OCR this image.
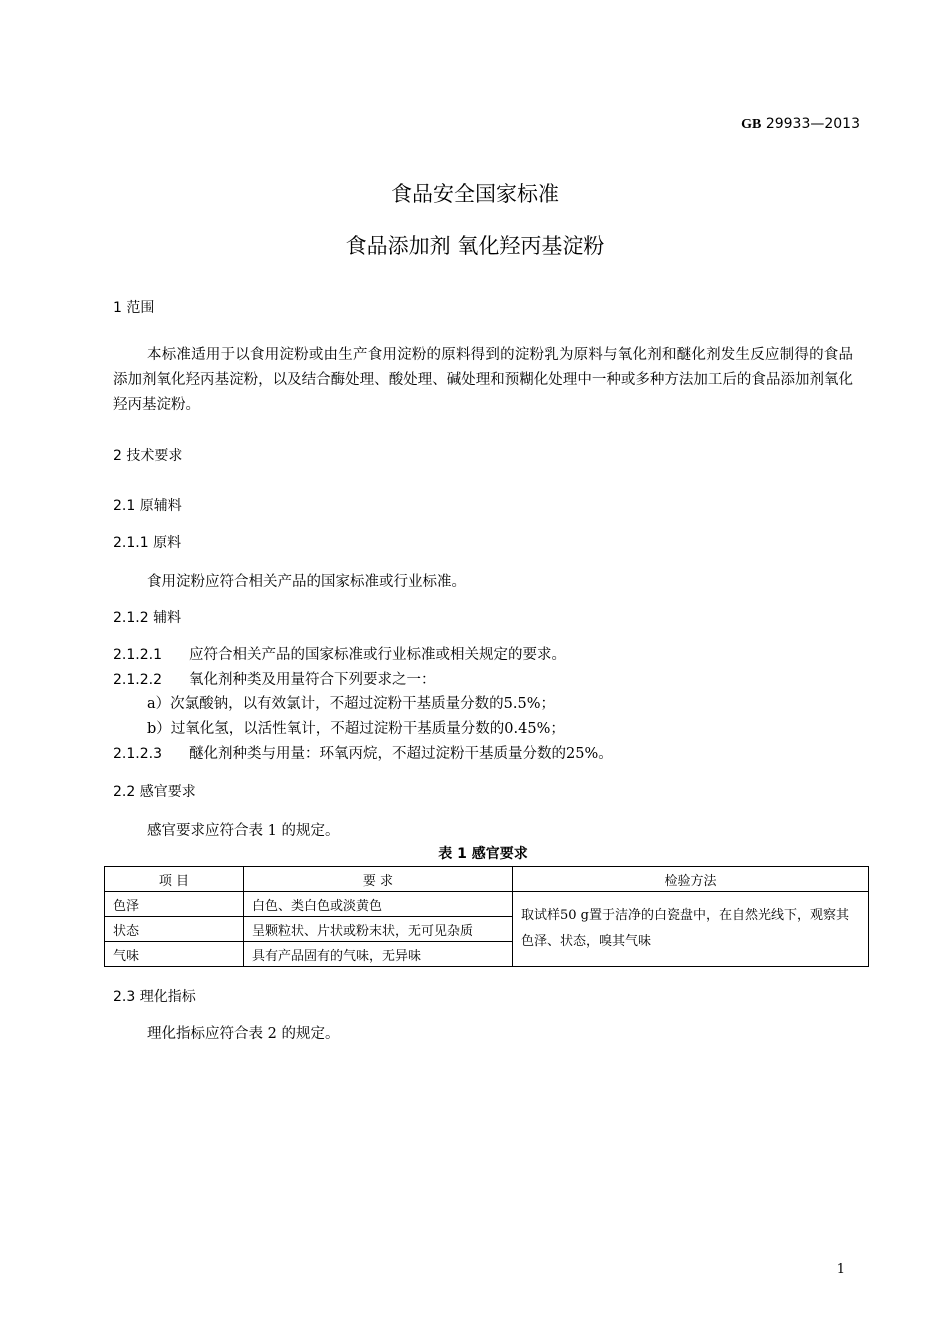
GB 29933—2013
食品安全国家标准
食品添加剂 氧化羟丙基淀粉
1 范围
本标准适用于以食用淀粉或由生产食用淀粉的原料得到的淀粉乳为原料与氧化剂和醚化剂发生反应制得的食品添加剂氧化羟丙基淀粉，以及结合酶处理、酸处理、碱处理和预糊化处理中一种或多种方法加工后的食品添加剂氧化羟丙基淀粉。
2 技术要求
2.1 原辅料
2.1.1 原料
食用淀粉应符合相关产品的国家标准或行业标准。
2.1.2 辅料
2.1.2.1 应符合相关产品的国家标准或行业标准或相关规定的要求。
2.1.2.2 氧化剂种类及用量符合下列要求之一：
a）次氯酸钠，以有效氯计，不超过淀粉干基质量分数的5.5%；
b）过氧化氢，以活性氧计，不超过淀粉干基质量分数的0.45%；
2.1.2.3 醚化剂种类与用量：环氧丙烷，不超过淀粉干基质量分数的25%。
2.2 感官要求
感官要求应符合表 1 的规定。
表 1 感官要求
项 目	要 求	检验方法
色泽	白色、类白色或淡黄色	取试样50 g置于洁净的白瓷盘中，在自然光线下，观察其色泽、状态，嗅其气味
状态	呈颗粒状、片状或粉末状，无可见杂质	
气味	具有产品固有的气味，无异味	
2.3 理化指标
理化指标应符合表 2 的规定。
1
